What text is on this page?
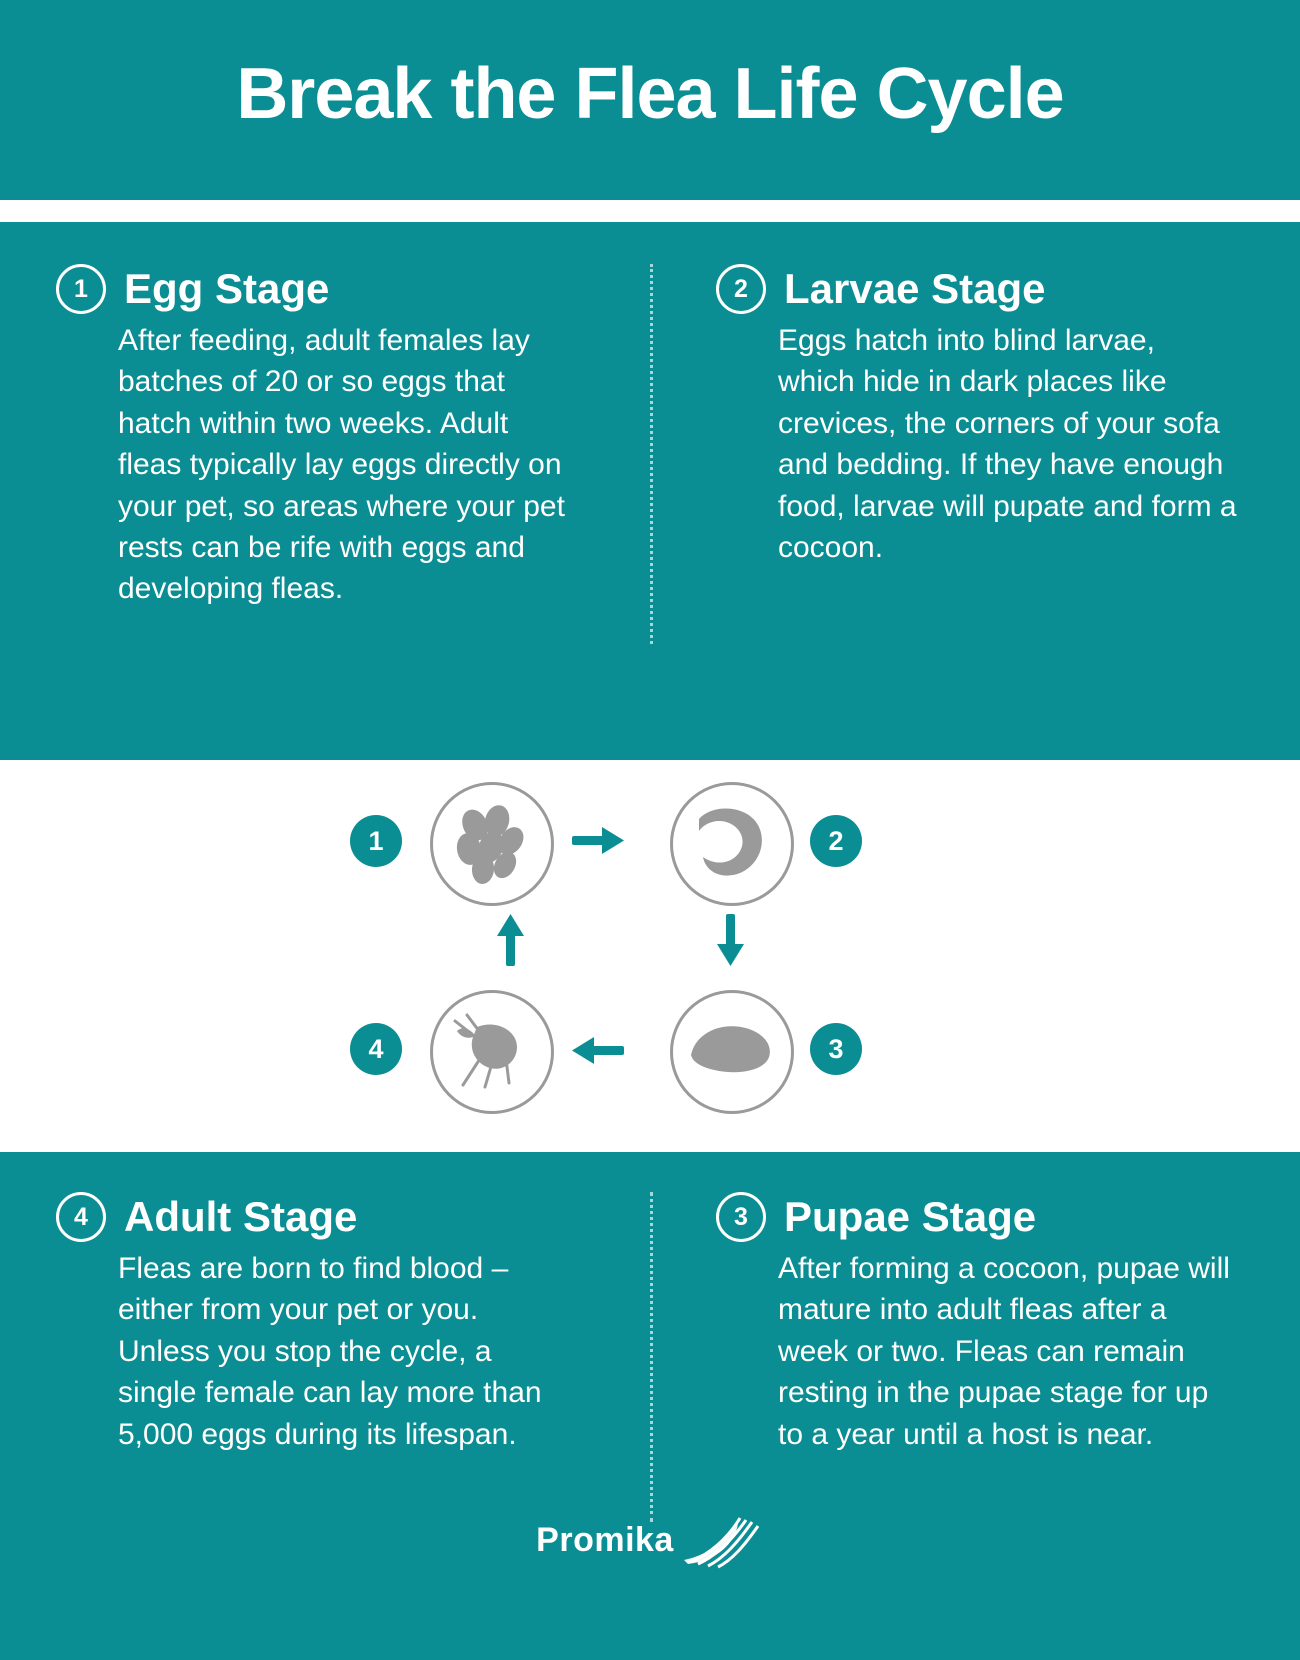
Break the Flea Life Cycle
1 Egg Stage

After feeding, adult females lay batches of 20 or so eggs that hatch within two weeks. Adult fleas typically lay eggs directly on your pet, so areas where your pet rests can be rife with eggs and developing fleas.

2 Larvae Stage

Eggs hatch into blind larvae, which hide in dark places like crevices, the corners of your sofa and bedding. If they have enough food, larvae will pupate and form a cocoon.

1	2
3
4
4 Adult Stage

Fleas are born to find blood – either from your pet or you. Unless you stop the cycle, a single female can lay more than 5,000 eggs during its lifespan.

3 Pupae Stage

After forming a cocoon, pupae will mature into adult fleas after a week or two. Fleas can remain resting in the pupae stage for up to a year until a host is near.

Promika
